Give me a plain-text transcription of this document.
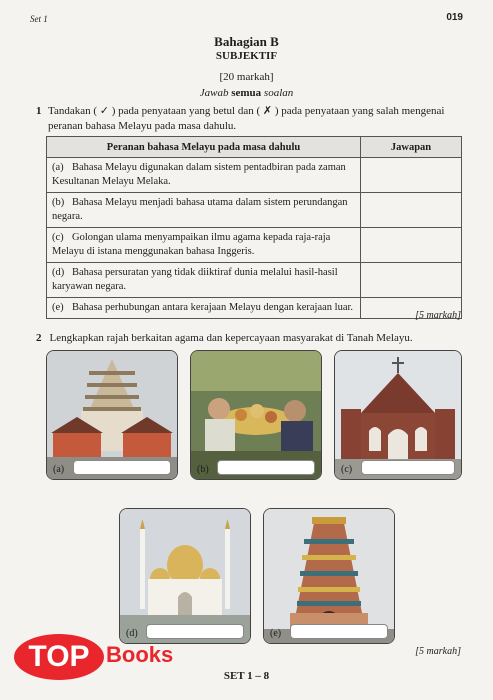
Set 1	019
Bahagian B
SUBJEKTIF
[20 markah]
Jawab semua soalan
1 Tandakan ( ✓ ) pada penyataan yang betul dan ( ✗ ) pada penyataan yang salah mengenai peranan bahasa Melayu pada masa dahulu.
Peranan bahasa Melayu pada masa dahulu	Jawapan
(a) Bahasa Melayu digunakan dalam sistem pentadbiran pada zaman Kesultanan Melayu Melaka.	
(b) Bahasa Melayu menjadi bahasa utama dalam sistem perundangan negara.	
(c) Golongan ulama menyampaikan ilmu agama kepada raja-raja Melayu di istana menggunakan bahasa Inggeris.	
(d) Bahasa persuratan yang tidak diiktiraf dunia melalui hasil-hasil karyawan negara.	
(e) Bahasa perhubungan antara kerajaan Melayu dengan kerajaan luar.	
[5 markah]
2 Lengkapkan rajah berkaitan agama dan kepercayaan masyarakat di Tanah Melayu.
(a)	(b)	(c)
(d)	(e)
[5 markah]
TOP Books
SET 1 – 8
